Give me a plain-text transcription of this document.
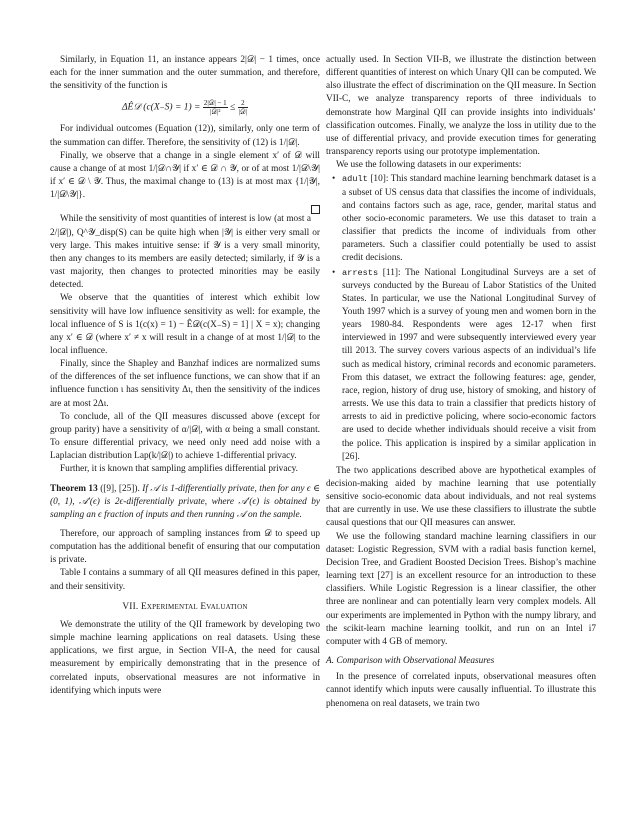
Similarly, in Equation 11, an instance appears 2|𝒟| − 1 times, once each for the inner summation and the outer summation, and therefore, the sensitivity of the function is

ΔÊ𝒟 $(c(X_-S) = 1) = \frac{\text{2|𝒟| − 1}}{\text{|𝒟|²}} \le \frac{2}{\text{|𝒟|}}$

For individual outcomes (Equation (12)), similarly, only one term of the summation can differ. Therefore, the sensitivity of (12) is 1/|𝒟|.

Finally, we observe that a change in a single element x′ of 𝒟 will cause a change of at most 1/|𝒟∩𝒴| if x′ ∈ 𝒟 ∩ 𝒴, or of at most 1/|𝒟\𝒴| if x′ ∈ 𝒟 \ 𝒴. Thus, the maximal change to (13) is at most max {1/|𝒴|, 1/|𝒟\𝒴|}.

While the sensitivity of most quantities of interest is low (at most a 2/|𝒟|), Q^𝒴_disp(S) can be quite high when |𝒴| is either very small or very large. This makes intuitive sense: if 𝒴 is a very small minority, then any changes to its members are easily detected; similarly, if 𝒴 is a vast majority, then changes to protected minorities may be easily detected.

We observe that the quantities of interest which exhibit low sensitivity will have low influence sensitivity as well: for example, the local influence of S is 1(c(x) = 1) − Ê𝒟(c(X₋S) = 1] | X = x); changing any x′ ∈ 𝒟 (where x′ ≠ x will result in a change of at most 1/|𝒟| to the local influence.

Finally, since the Shapley and Banzhaf indices are normalized sums of the differences of the set influence functions, we can show that if an influence function ι has sensitivity Δι, then the sensitivity of the indices are at most 2Δι.

To conclude, all of the QII measures discussed above (except for group parity) have a sensitivity of α/|𝒟|, with α being a small constant. To ensure differential privacy, we need only need add noise with a Laplacian distribution Lap(k/|𝒟|) to achieve 1-differential privacy.

Further, it is known that sampling amplifies differential privacy.

Theorem 13 ([9], [25]). If 𝒜 is 1-differentially private, then for any ϵ ∈ (0, 1), 𝒜′(ϵ) is 2ϵ-differentially private, where 𝒜′(ϵ) is obtained by sampling an ϵ fraction of inputs and then running 𝒜 on the sample.

Therefore, our approach of sampling instances from 𝒟 to speed up computation has the additional benefit of ensuring that our computation is private.

Table I contains a summary of all QII measures defined in this paper, and their sensitivity.

VII. Experimental Evaluation

We demonstrate the utility of the QII framework by developing two simple machine learning applications on real datasets. Using these applications, we first argue, in Section VII-A, the need for causal measurement by empirically demonstrating that in the presence of correlated inputs, observational measures are not informative in identifying which inputs were

actually used. In Section VII-B, we illustrate the distinction between different quantities of interest on which Unary QII can be computed. We also illustrate the effect of discrimination on the QII measure. In Section VII-C, we analyze transparency reports of three individuals to demonstrate how Marginal QII can provide insights into individuals’ classification outcomes. Finally, we analyze the loss in utility due to the use of differential privacy, and provide execution times for generating transparency reports using our prototype implementation.

We use the following datasets in our experiments:

• adult [10]: This standard machine learning benchmark dataset is a a subset of US census data that classifies the income of individuals, and contains factors such as age, race, gender, marital status and other socio-economic parameters. We use this dataset to train a classifier that predicts the income of individuals from other parameters. Such a classifier could potentially be used to assist credit decisions.
• arrests [11]: The National Longitudinal Surveys are a set of surveys conducted by the Bureau of Labor Statistics of the United States. In particular, we use the National Longitudinal Survey of Youth 1997 which is a survey of young men and women born in the years 1980-84. Respondents were ages 12-17 when first interviewed in 1997 and were subsequently interviewed every year till 2013. The survey covers various aspects of an individual’s life such as medical history, criminal records and economic parameters. From this dataset, we extract the following features: age, gender, race, region, history of drug use, history of smoking, and history of arrests. We use this data to train a classifier that predicts history of arrests to aid in predictive policing, where socio-economic factors are used to decide whether individuals should receive a visit from the police. This application is inspired by a similar application in [26].

The two applications described above are hypothetical examples of decision-making aided by machine learning that use potentially sensitive socio-economic data about individuals, and not real systems that are currently in use. We use these classifiers to illustrate the subtle causal questions that our QII measures can answer.

We use the following standard machine learning classifiers in our dataset: Logistic Regression, SVM with a radial basis function kernel, Decision Tree, and Gradient Boosted Decision Trees. Bishop’s machine learning text [27] is an excellent resource for an introduction to these classifiers. While Logistic Regression is a linear classifier, the other three are nonlinear and can potentially learn very complex models. All our experiments are implemented in Python with the numpy library, and the scikit-learn machine learning toolkit, and run on an Intel i7 computer with 4 GB of memory.

A. Comparison with Observational Measures

In the presence of correlated inputs, observational measures often cannot identify which inputs were causally influential. To illustrate this phenomena on real datasets, we train two
